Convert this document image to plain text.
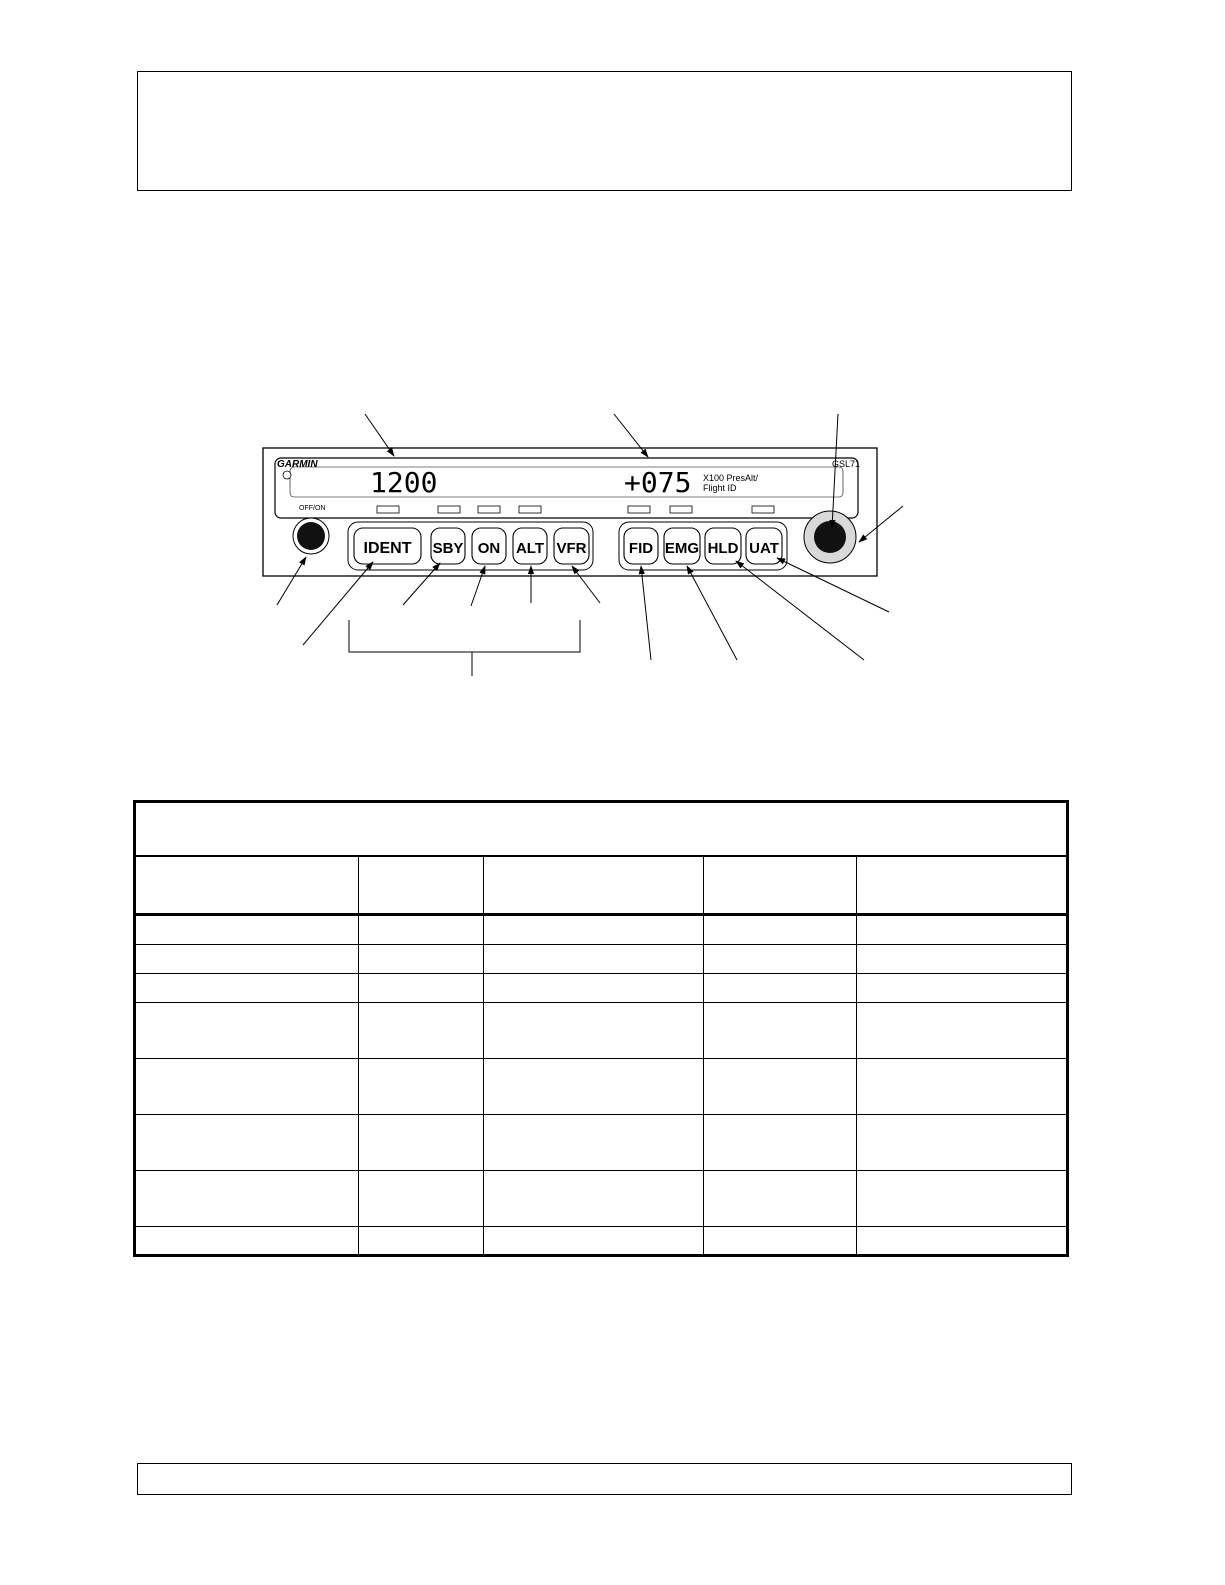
GARMIN	GSL71
1200	+075 X100 PresAlt/
Flight ID
OFF/ON
IDENT SBY ON ALT VFR	FID EMG HLD UAT
